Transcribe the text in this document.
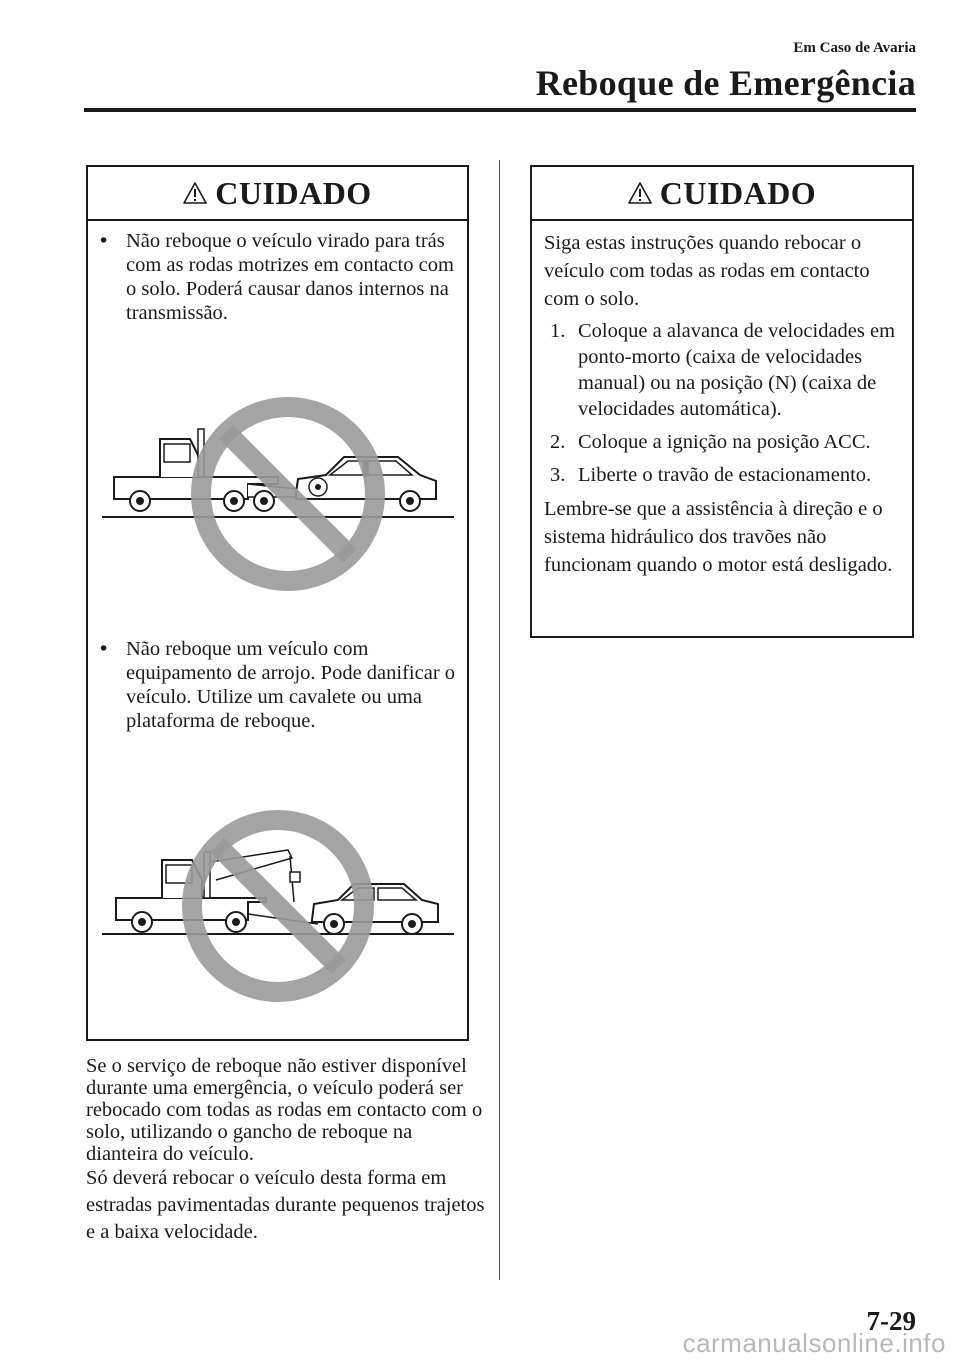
Em Caso de Avaria
Reboque de Emergência
CUIDADO
• Não reboque o veículo virado para trás com as rodas motrizes em contacto com o solo. Poderá causar danos internos na transmissão.
• Não reboque um veículo com equipamento de arrojo. Pode danificar o veículo. Utilize um cavalete ou uma plataforma de reboque.
CUIDADO

Siga estas instruções quando rebocar o veículo com todas as rodas em contacto com o solo.

1. Coloque a alavanca de velocidades em ponto-morto (caixa de velocidades manual) ou na posição (N) (caixa de velocidades automática).
2. Coloque a ignição na posição ACC.
3. Liberte o travão de estacionamento.

Lembre-se que a assistência à direção e o sistema hidráulico dos travões não funcionam quando o motor está desligado.

Se o serviço de reboque não estiver disponível durante uma emergência, o veículo poderá ser rebocado com todas as rodas em contacto com o solo, utilizando o gancho de reboque na dianteira do veículo.

Só deverá rebocar o veículo desta forma em estradas pavimentadas durante pequenos trajetos e a baixa velocidade.

7-29
carmanualsonline.info
